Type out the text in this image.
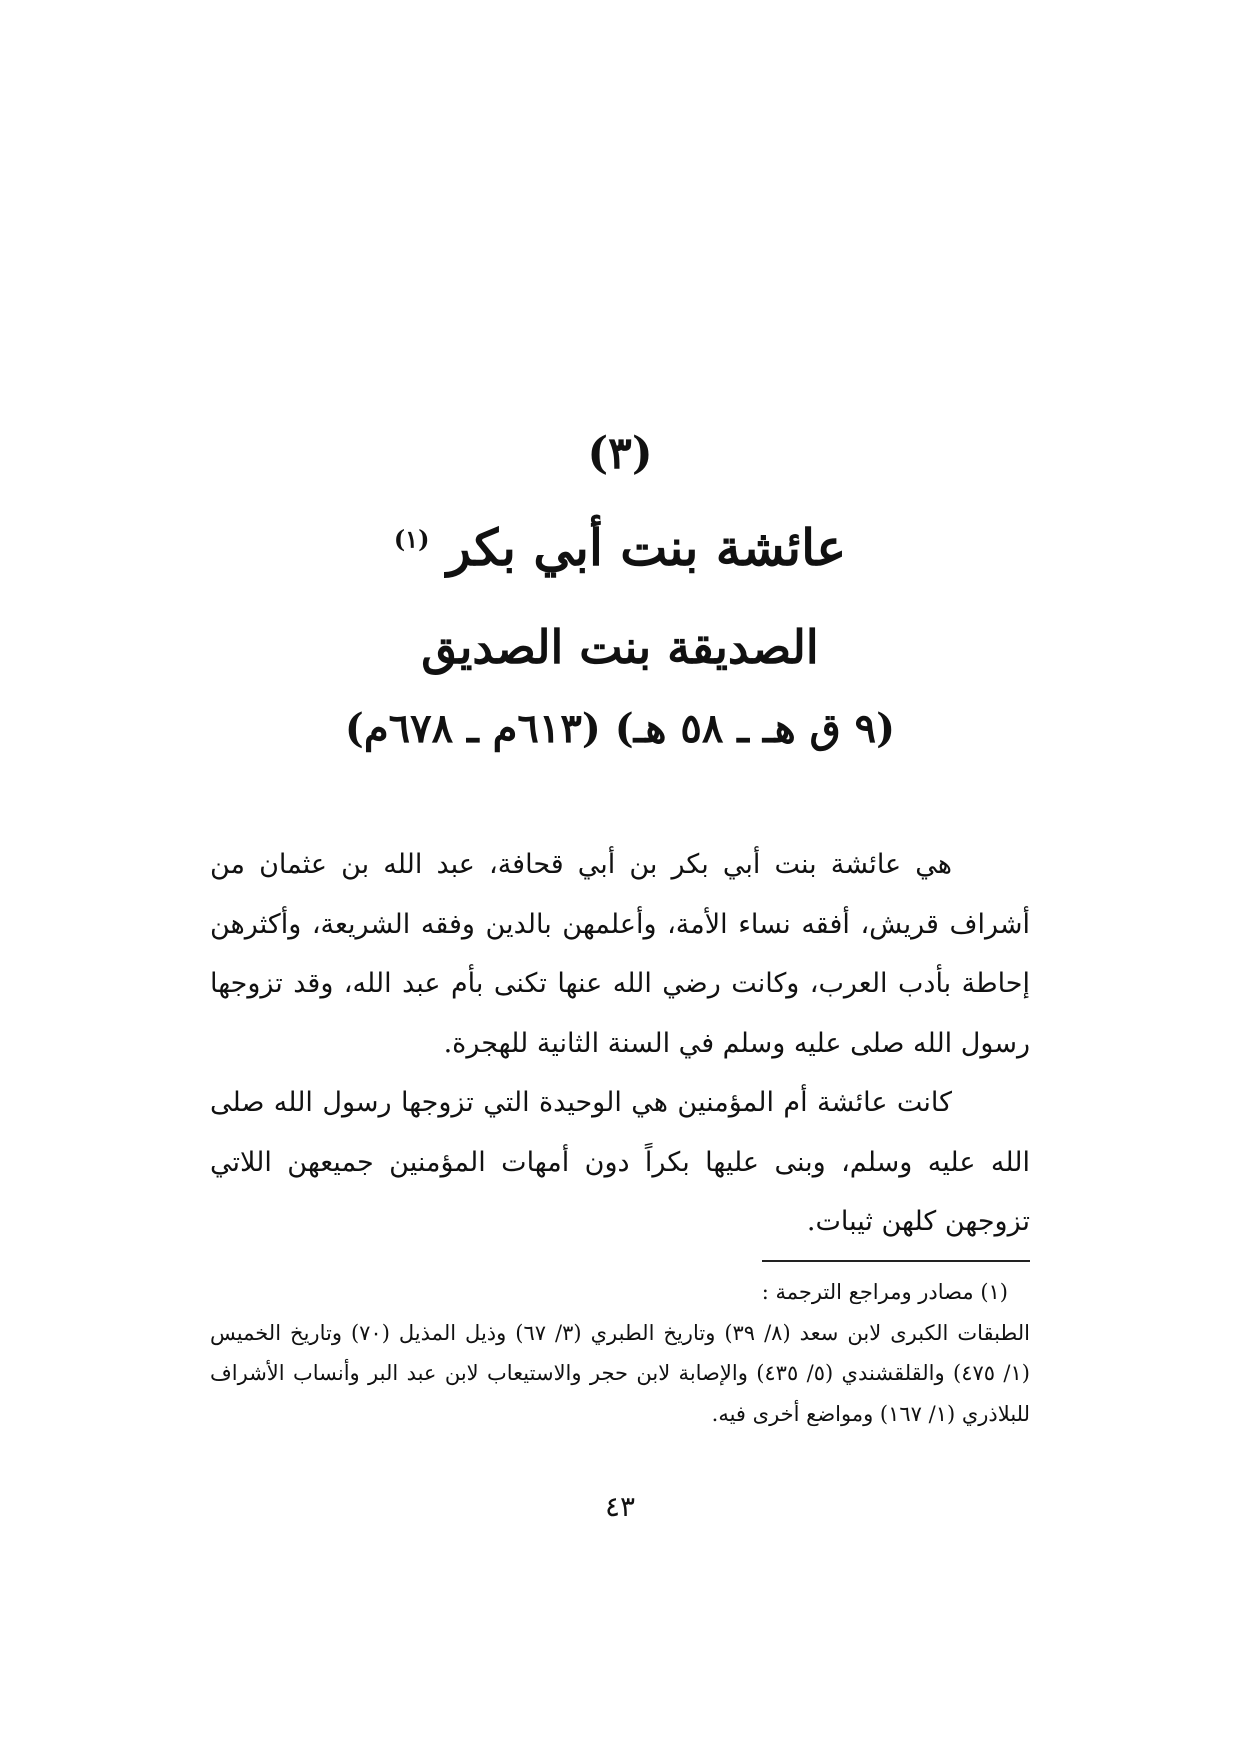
(٣)
عائشة بنت أبي بكر $^{(١)}$
الصديقة بنت الصديق
(٩ ق هـ ـ ٥٨ هـ) (٦١٣م ـ ٦٧٨م)

هي عائشة بنت أبي بكر بن أبي قحافة، عبد الله بن عثمان من أشراف قريش، أفقه نساء الأمة، وأعلمهن بالدين وفقه الشريعة، وأكثرهن إحاطة بأدب العرب، وكانت رضي الله عنها تكنى بأم عبد الله، وقد تزوجها رسول الله صلى عليه وسلم في السنة الثانية للهجرة.

كانت عائشة أم المؤمنين هي الوحيدة التي تزوجها رسول الله صلى الله عليه وسلم، وبنى عليها بكراً دون أمهات المؤمنين جميعهن اللاتي تزوجهن كلهن ثيبات.

(١) مصادر ومراجع الترجمة :

الطبقات الكبرى لابن سعد (٨/ ٣٩) وتاريخ الطبري (٣/ ٦٧) وذيل المذيل (٧٠) وتاريخ الخميس (١/ ٤٧٥) والقلقشندي (٥/ ٤٣٥) والإصابة لابن حجر والاستيعاب لابن عبد البر وأنساب الأشراف للبلاذري (١/ ١٦٧) ومواضع أخرى فيه.

٤٣
